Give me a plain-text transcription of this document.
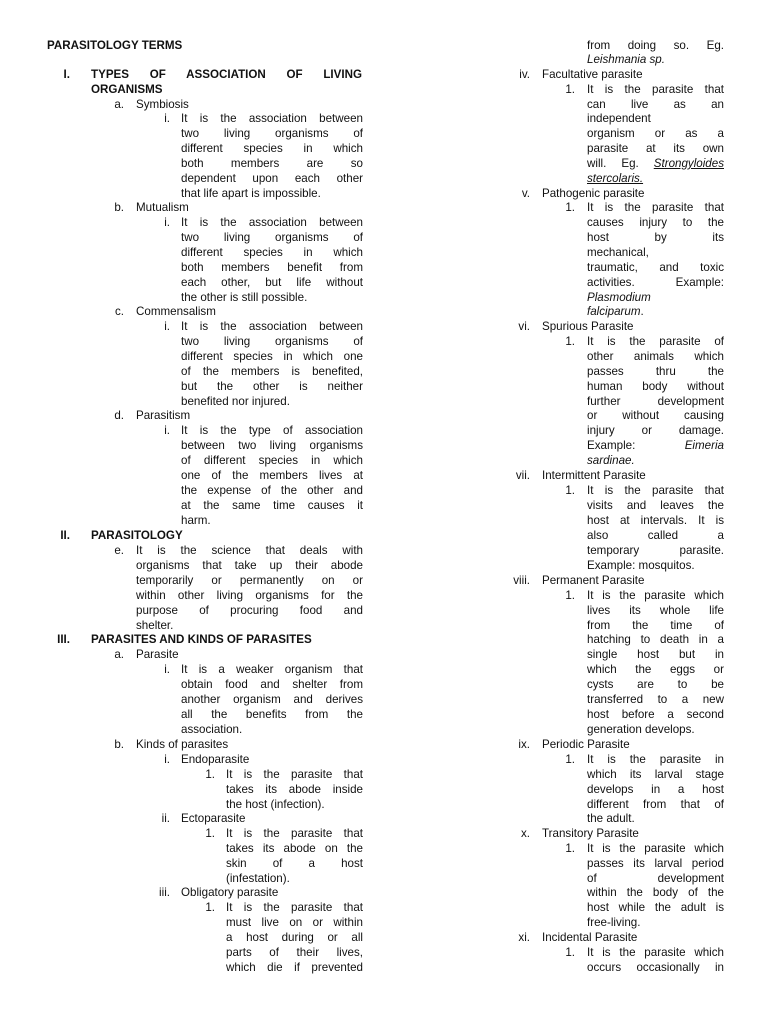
PARASITOLOGY TERMS
I. TYPES OF ASSOCIATION OF LIVING
ORGANISMS
a. Symbiosis
i. It is the association between
two living organisms of
different species in which
both members are so
dependent upon each other
that life apart is impossible.
b. Mutualism
i. It is the association between
two living organisms of
different species in which
both members benefit from
each other, but life without
the other is still possible.
c. Commensalism
i. It is the association between
two living organisms of
different species in which one
of the members is benefited,
but the other is neither
benefited nor injured.
d. Parasitism
i. It is the type of association
between two living organisms
of different species in which
one of the members lives at
the expense of the other and
at the same time causes it
harm.
II. PARASITOLOGY
e. It is the science that deals with
organisms that take up their abode
temporarily or permanently on or
within other living organisms for the
purpose of procuring food and
shelter.
III. PARASITES AND KINDS OF PARASITES
a. Parasite
i. It is a weaker organism that
obtain food and shelter from
another organism and derives
all the benefits from the
association.
b. Kinds of parasites
i. Endoparasite
1. It is the parasite that
takes its abode inside
the host (infection).
ii. Ectoparasite
1. It is the parasite that
takes its abode on the
skin of a host
(infestation).
iii. Obligatory parasite
1. It is the parasite that
must live on or within
a host during or all
parts of their lives,
which die if prevented
from doing so. Eg.
Leishmania sp.
iv. Facultative parasite
1. It is the parasite that
can live as an
independent
organism or as a
parasite at its own
will. Eg. Strongyloides
stercolaris.
v. Pathogenic parasite
1. It is the parasite that
causes injury to the
host by its
mechanical,
traumatic, and toxic
activities. Example:
Plasmodium
falciparum.
vi. Spurious Parasite
1. It is the parasite of
other animals which
passes thru the
human body without
further development
or without causing
injury or damage.
Example: Eimeria
sardinae.
vii. Intermittent Parasite
1. It is the parasite that
visits and leaves the
host at intervals. It is
also called a
temporary parasite.
Example: mosquitos.
viii. Permanent Parasite
1. It is the parasite which
lives its whole life
from the time of
hatching to death in a
single host but in
which the eggs or
cysts are to be
transferred to a new
host before a second
generation develops.
ix. Periodic Parasite
1. It is the parasite in
which its larval stage
develops in a host
different from that of
the adult.
x. Transitory Parasite
1. It is the parasite which
passes its larval period
of development
within the body of the
host while the adult is
free-living.
xi. Incidental Parasite
1. It is the parasite which
occurs occasionally in
